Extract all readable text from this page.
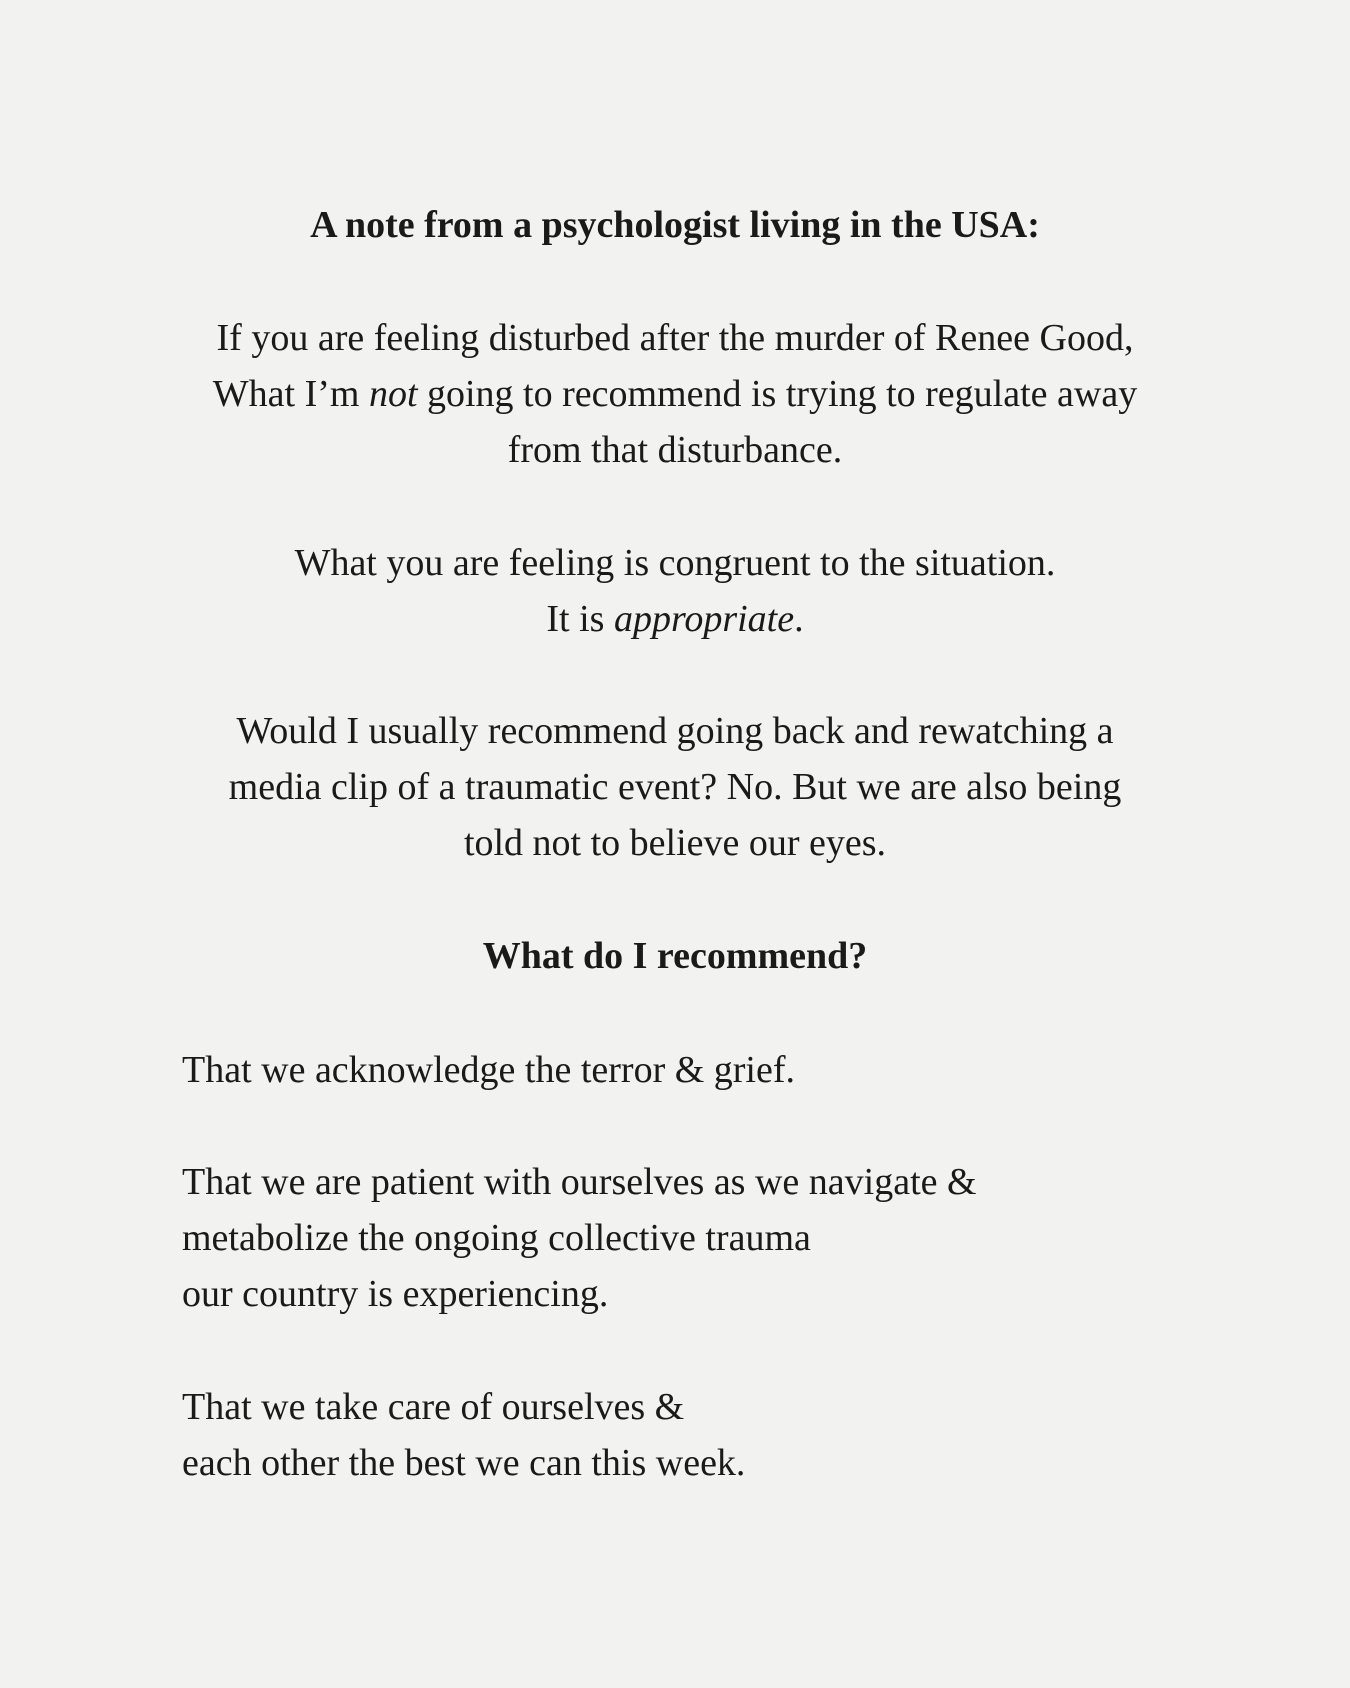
A note from a psychologist living in the USA:

If you are feeling disturbed after the murder of Renee Good,
What I’m not going to recommend is trying to regulate away
from that disturbance.

What you are feeling is congruent to the situation.
It is appropriate.

Would I usually recommend going back and rewatching a
media clip of a traumatic event? No. But we are also being
told not to believe our eyes.

What do I recommend?

That we acknowledge the terror & grief.

That we are patient with ourselves as we navigate &
metabolize the ongoing collective trauma
our country is experiencing.

That we take care of ourselves &
each other the best we can this week.
